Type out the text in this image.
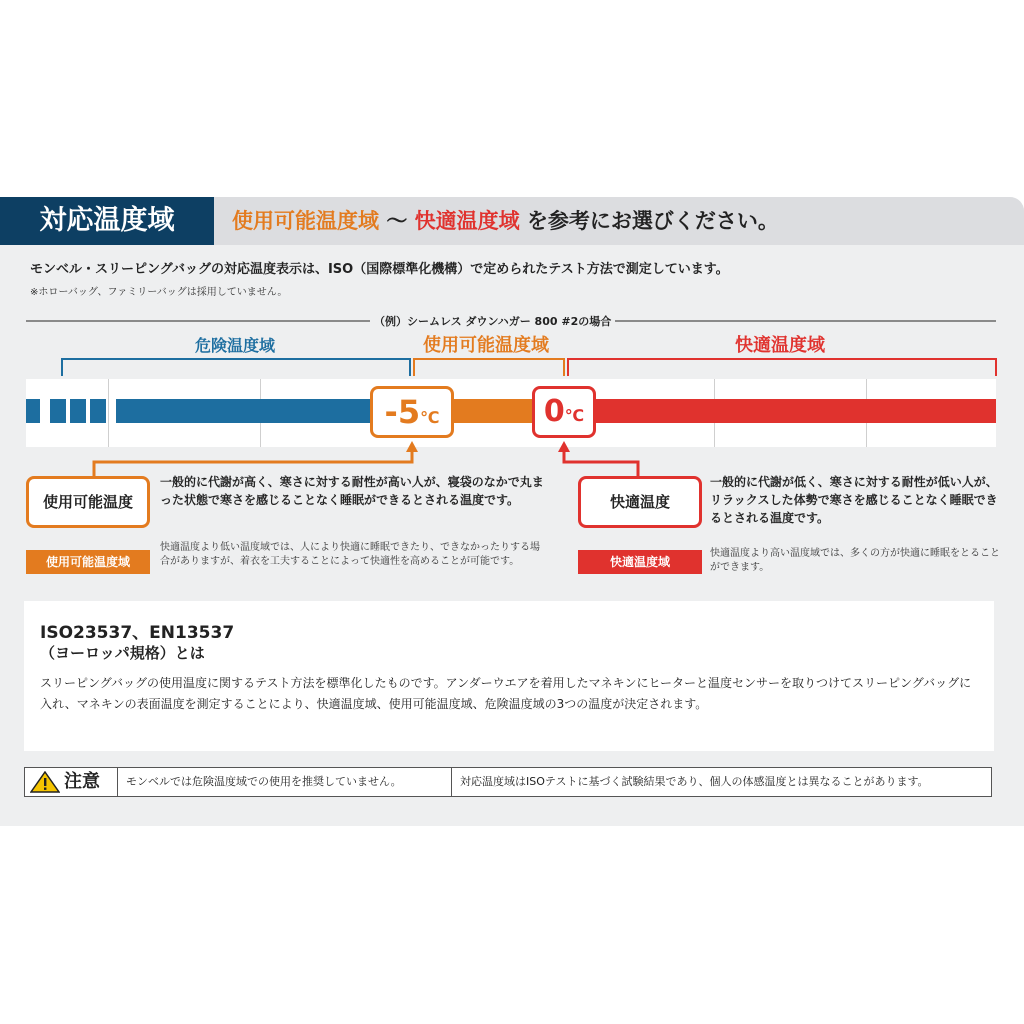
対応温度域	使用可能温度域 〜 快適温度域 を参考にお選びください。
モンベル・スリーピングバッグの対応温度表示は、ISO（国際標準化機構）で定められたテスト方法で測定しています。
※ホローバッグ、ファミリーバッグは採用していません。
（例）シームレス ダウンハガー 800 #2の場合
危険温度域	使用可能温度域	快適温度域
-5℃	0℃
使用可能温度
一般的に代謝が高く、寒さに対する耐性が高い人が、寝袋のなかで丸まった状態で寒さを感じることなく睡眠ができるとされる温度です。
使用可能温度域
快適温度より低い温度域では、人により快適に睡眠できたり、できなかったりする場合がありますが、着衣を工夫することによって快適性を高めることが可能です。
快適温度
一般的に代謝が低く、寒さに対する耐性が低い人が、リラックスした体勢で寒さを感じることなく睡眠できるとされる温度です。
快適温度域
快適温度より高い温度域では、多くの方が快適に睡眠をとることができます。
ISO23537、EN13537
（ヨーロッパ規格）とは
スリーピングバッグの使用温度に関するテスト方法を標準化したものです。アンダーウエアを着用したマネキンにヒーターと温度センサーを取りつけてスリーピングバッグに入れ、マネキンの表面温度を測定することにより、快適温度域、使用可能温度域、危険温度域の3つの温度が決定されます。
注意 モンベルでは危険温度域での使用を推奨していません。	対応温度域はISOテストに基づく試験結果であり、個人の体感温度とは異なることがあります。
